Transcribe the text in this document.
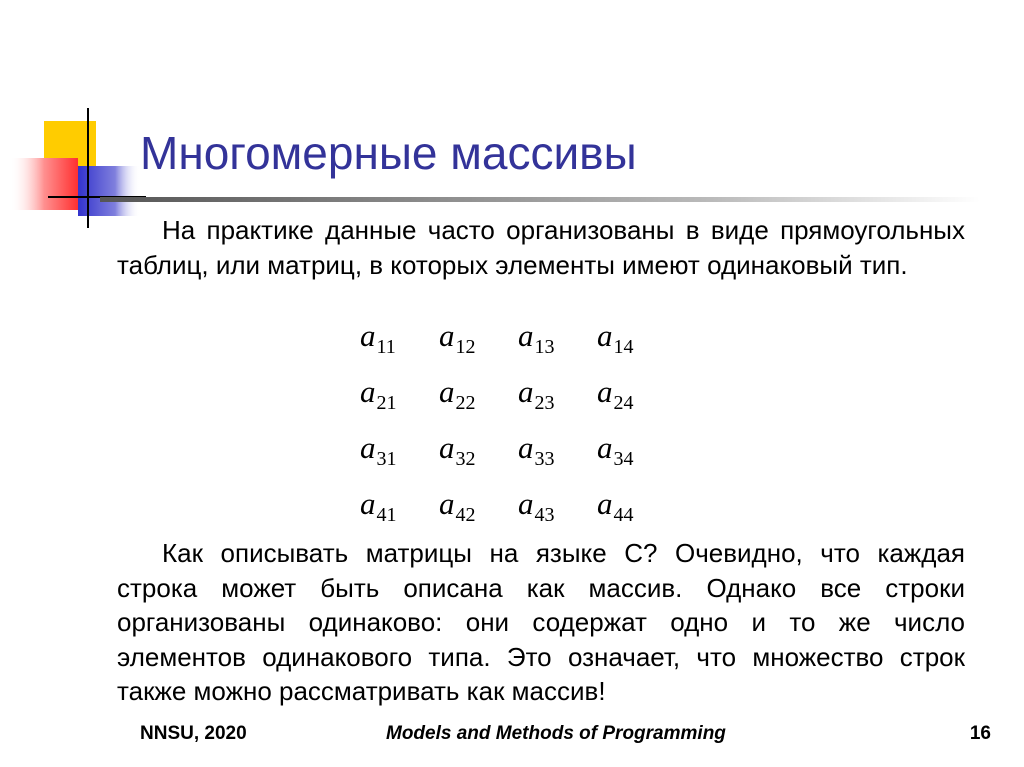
Многомерные массивы

На практике данные часто организованы в виде прямоугольных таблиц, или матриц, в которых элементы имеют одинаковый тип.

$a_{11}$ $a_{12}$ $a_{13}$ $a_{14}$
$a_{21}$ $a_{22}$ $a_{23}$ $a_{24}$
$a_{31}$ $a_{32}$ $a_{33}$ $a_{34}$
$a_{41}$ $a_{42}$ $a_{43}$ $a_{44}$

Как описывать матрицы на языке С? Очевидно, что каждая строка может быть описана как массив. Однако все строки организованы одинаково: они содержат одно и то же число элементов одинакового типа. Это означает, что множество строк также можно рассматривать как массив!

NNSU, 2020	Models and Methods of Programming	16
